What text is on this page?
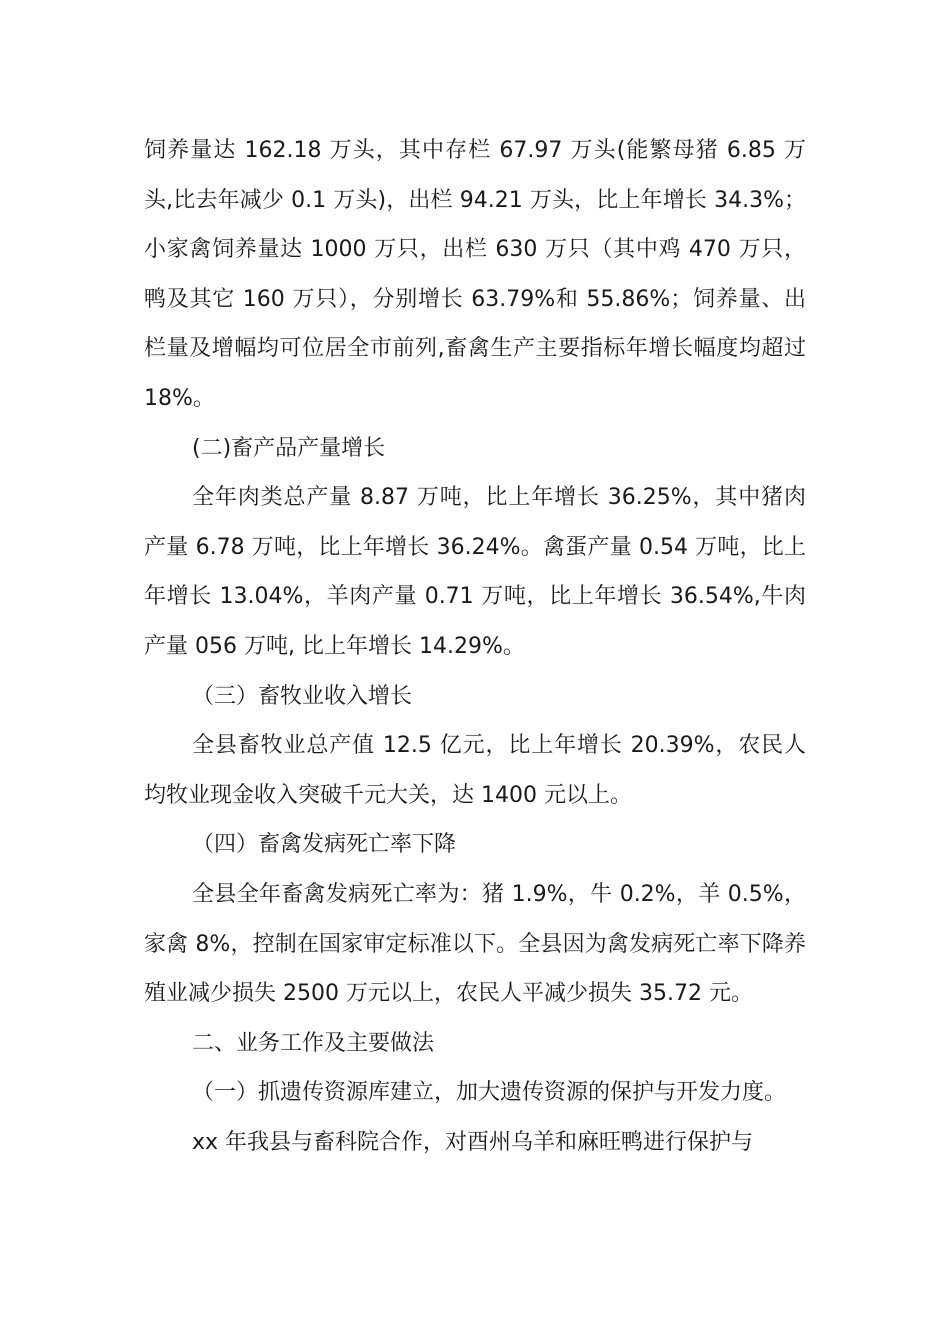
饲养量达 162.18 万头，其中存栏 67.97 万头(能繁母猪 6.85 万头,比去年减少 0.1 万头)，出栏 94.21 万头，比上年增长 34.3%；小家禽饲养量达 1000 万只，出栏 630 万只（其中鸡 470 万只，鸭及其它 160 万只），分别增长 63.79%和 55.86%；饲养量、出栏量及增幅均可位居全市前列,畜禽生产主要指标年增长幅度均超过 18%。

(二)畜产品产量增长

全年肉类总产量 8.87 万吨，比上年增长 36.25%，其中猪肉产量 6.78 万吨，比上年增长 36.24%。禽蛋产量 0.54 万吨，比上年增长 13.04%，羊肉产量 0.71 万吨，比上年增长 36.54%,牛肉产量 056 万吨, 比上年增长 14.29%。

（三）畜牧业收入增长

全县畜牧业总产值 12.5 亿元，比上年增长 20.39%，农民人均牧业现金收入突破千元大关，达 1400 元以上。

（四）畜禽发病死亡率下降

全县全年畜禽发病死亡率为：猪 1.9%，牛 0.2%，羊 0.5%，家禽 8%，控制在国家审定标准以下。全县因为禽发病死亡率下降养殖业减少损失 2500 万元以上，农民人平减少损失 35.72 元。

二、业务工作及主要做法

（一）抓遗传资源库建立，加大遗传资源的保护与开发力度。

xx 年我县与畜科院合作，对酉州乌羊和麻旺鸭进行保护与
